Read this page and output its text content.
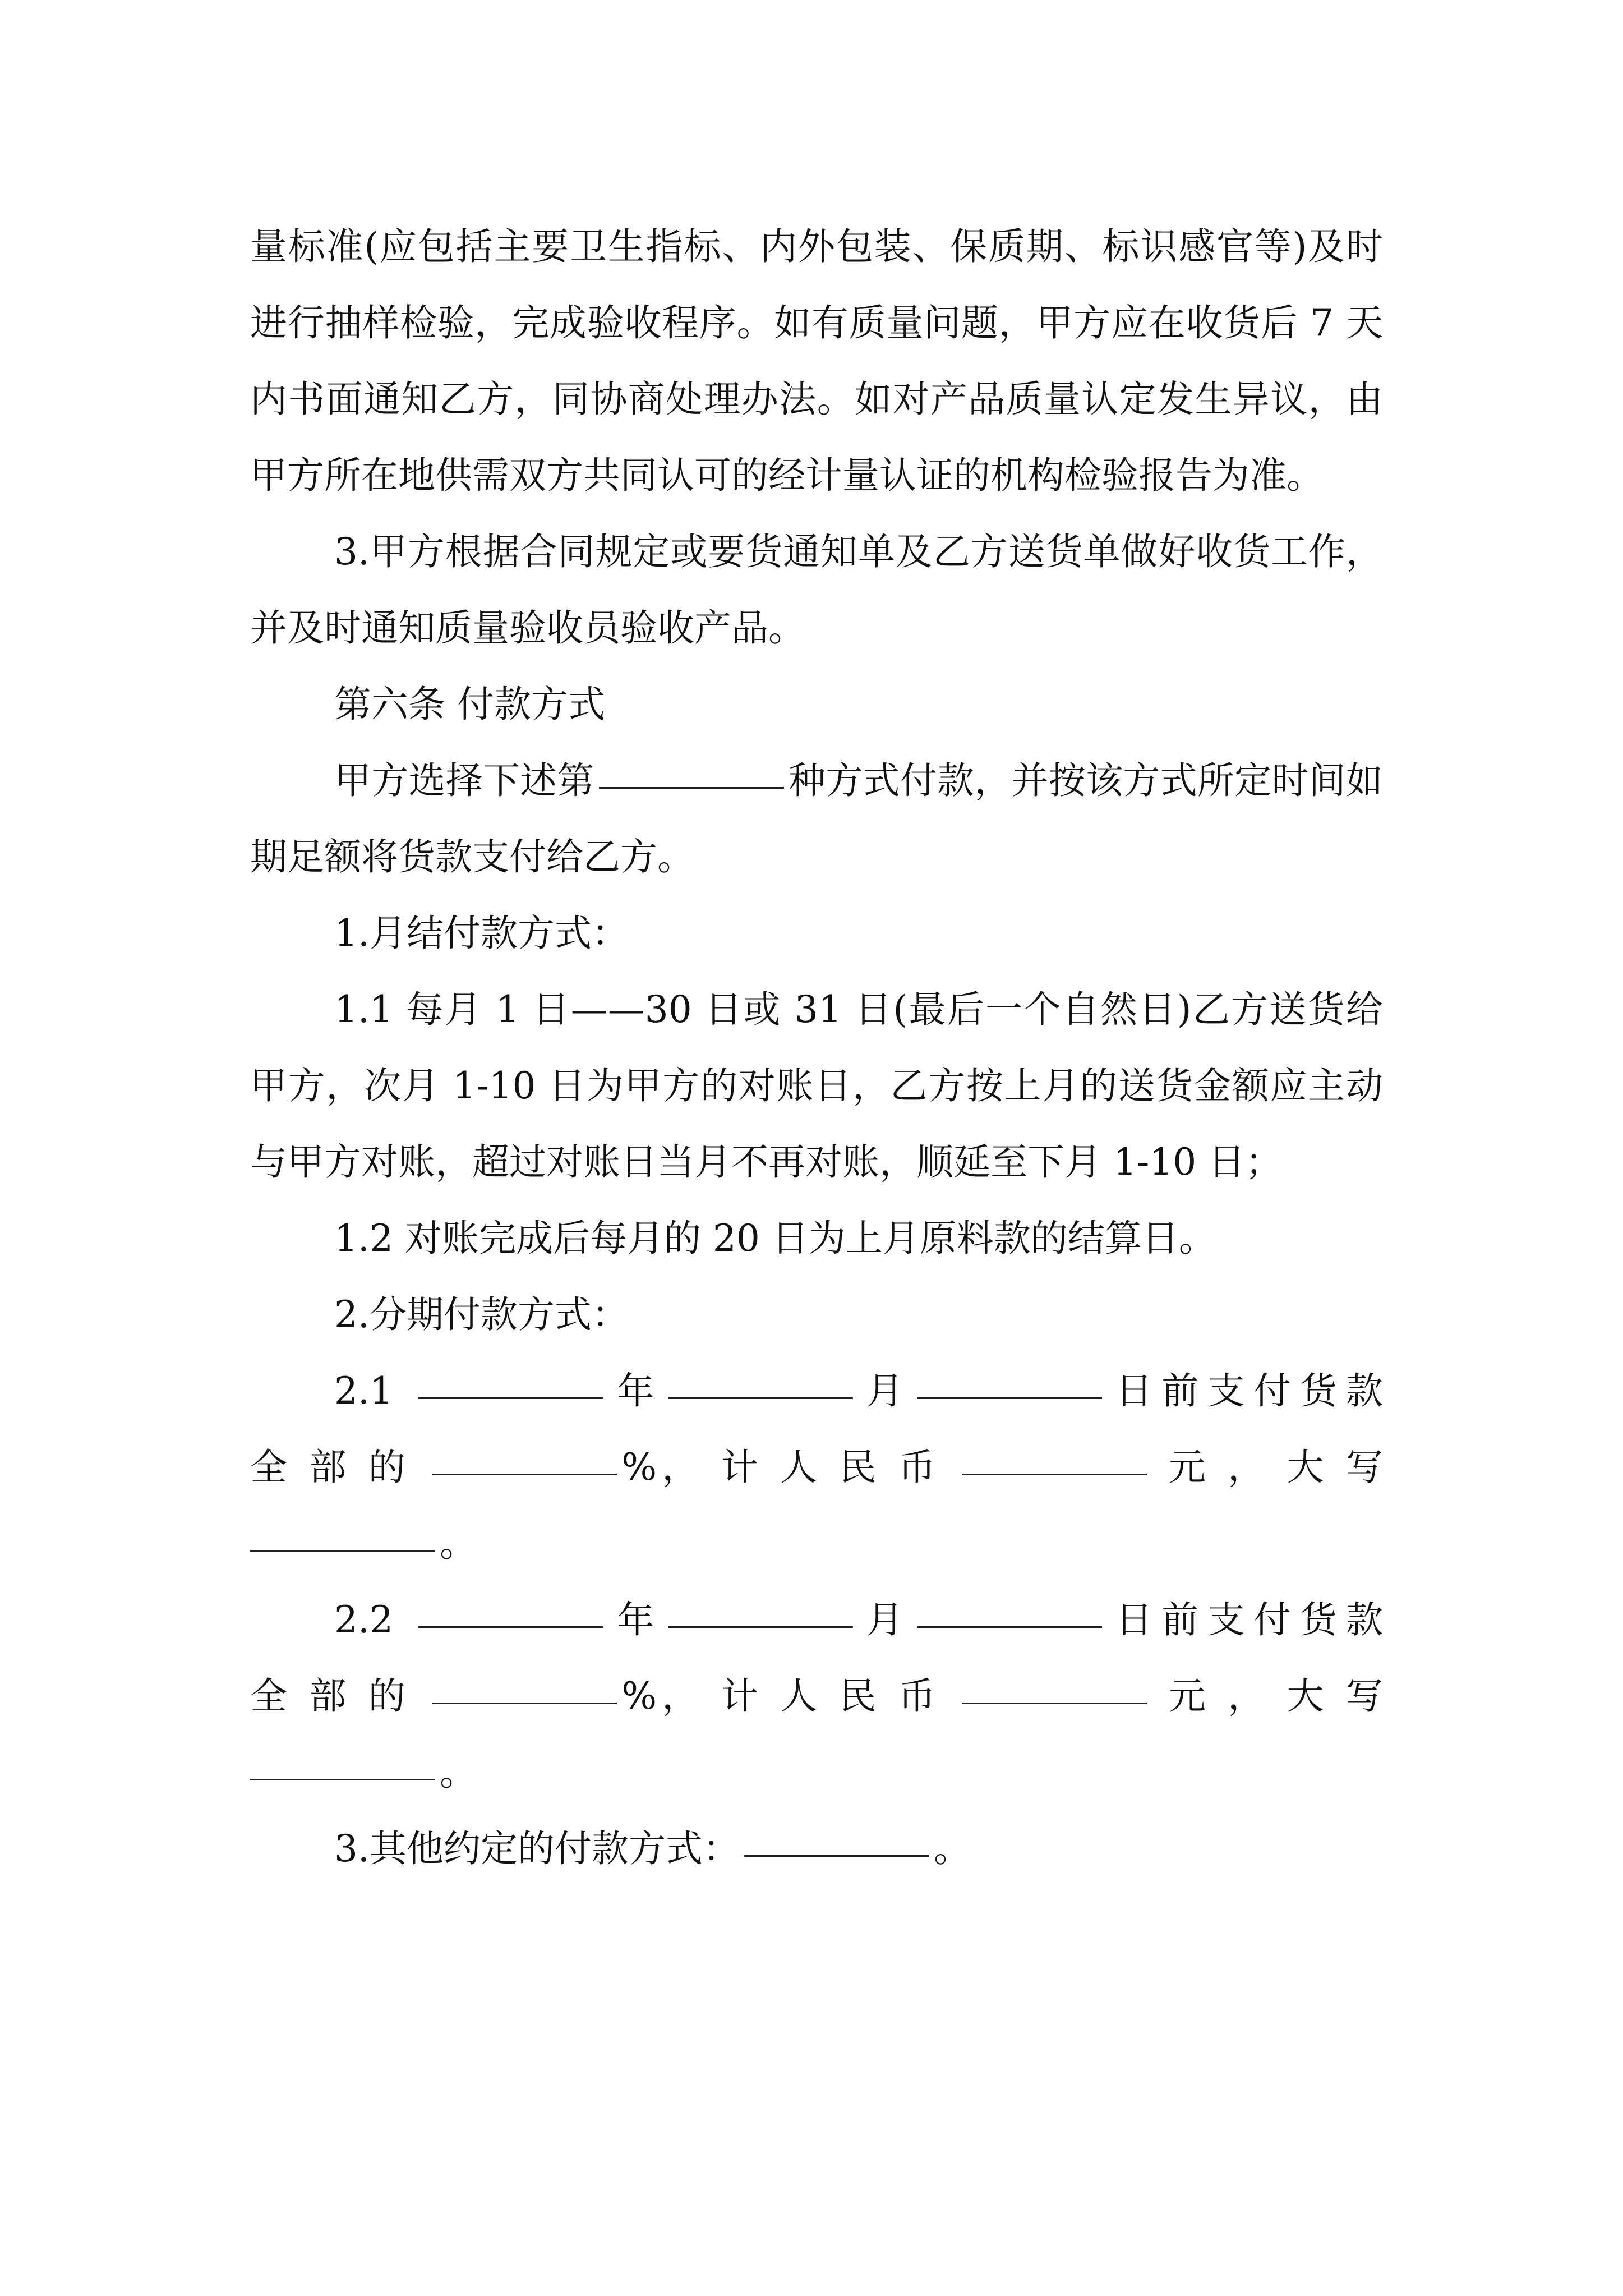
量标准(应包括主要卫生指标、内外包装、保质期、标识感官等)及时进行抽样检验，完成验收程序。如有质量问题，甲方应在收货后 7 天内书面通知乙方，同协商处理办法。如对产品质量认定发生异议，由甲方所在地供需双方共同认可的经计量认证的机构检验报告为准。

3.甲方根据合同规定或要货通知单及乙方送货单做好收货工作，并及时通知质量验收员验收产品。

第六条 付款方式

甲方选择下述第	种方式付款，并按该方式所定时间如期足额将货款支付给乙方。

1.月结付款方式：

1.1 每月 1 日——30 日或 31 日(最后一个自然日)乙方送货给甲方，次月 1-10 日为甲方的对账日，乙方按上月的送货金额应主动与甲方对账，超过对账日当月不再对账，顺延至下月 1-10 日；

1.2 对账完成后每月的 20 日为上月原料款的结算日。

2.分期付款方式：

2.1	年	月	日前支付货款

全 部 的	%， 计 人 民 币	元 ， 大 写

。

2.2	年	月	日前支付货款

全 部 的	%， 计 人 民 币	元 ， 大 写

。

3.其他约定的付款方式：	。
